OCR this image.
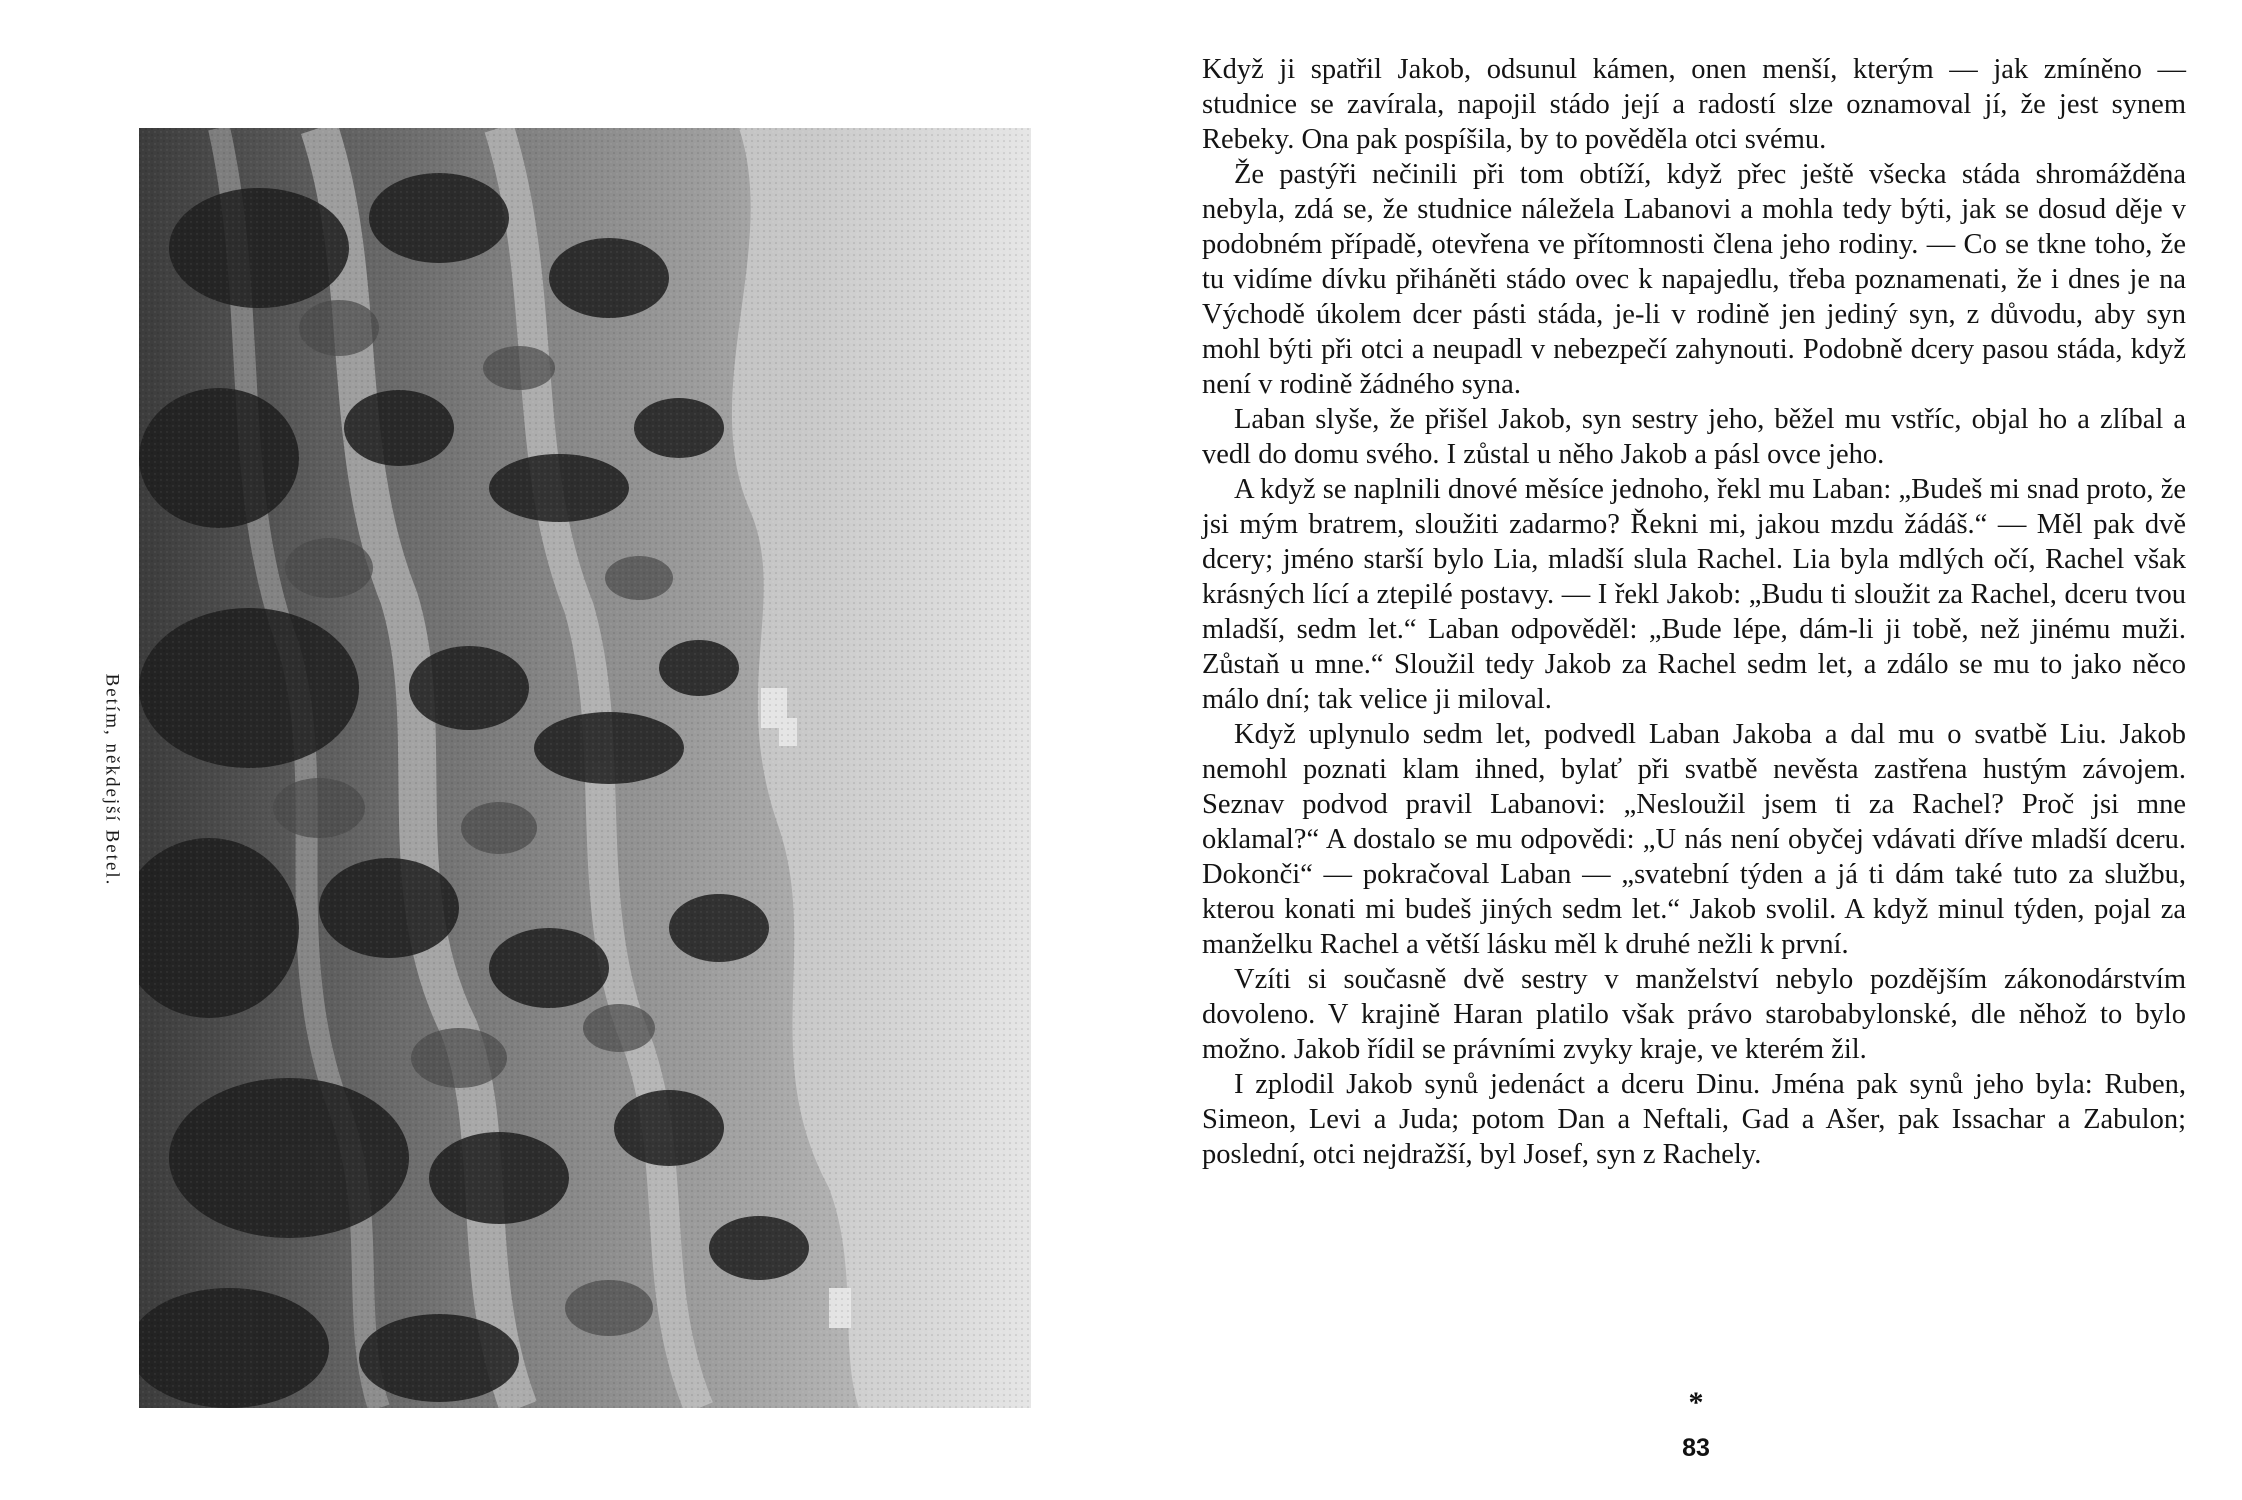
Betím, někdejší Betel.

Když ji spatřil Jakob, odsunul kámen, onen menší, kterým — jak zmíněno — studnice se zavírala, napojil stádo její a radostí slze oznamoval jí, že jest synem Rebeky. Ona pak pospíšila, by to pověděla otci svému.

Že pastýři nečinili při tom obtíží, když přec ještě všecka stáda shromážděna nebyla, zdá se, že studnice náležela Labanovi a mohla tedy býti, jak se dosud děje v podobném případě, otevřena ve přítomnosti člena jeho rodiny. — Co se tkne toho, že tu vidíme dívku přiháněti stádo ovec k napajedlu, třeba poznamenati, že i dnes je na Východě úkolem dcer pásti stáda, je-li v rodině jen jediný syn, z důvodu, aby syn mohl býti při otci a neupadl v nebezpečí zahynouti. Podobně dcery pasou stáda, když není v rodině žádného syna.

Laban slyše, že přišel Jakob, syn sestry jeho, běžel mu vstříc, objal ho a zlíbal a vedl do domu svého. I zůstal u něho Jakob a pásl ovce jeho.

A když se naplnili dnové měsíce jednoho, řekl mu Laban: „Budeš mi snad proto, že jsi mým bratrem, sloužiti zadarmo? Řekni mi, jakou mzdu žádáš.“ — Měl pak dvě dcery; jméno starší bylo Lia, mladší slula Rachel. Lia byla mdlých očí, Rachel však krásných lící a ztepilé postavy. — I řekl Jakob: „Budu ti sloužit za Rachel, dceru tvou mladší, sedm let.“ Laban odpověděl: „Bude lépe, dám-li ji tobě, než jinému muži. Zůstaň u mne.“ Sloužil tedy Jakob za Rachel sedm let, a zdálo se mu to jako něco málo dní; tak velice ji miloval.

Když uplynulo sedm let, podvedl Laban Jakoba a dal mu o svatbě Liu. Jakob nemohl poznati klam ihned, bylať při svatbě nevěsta zastřena hustým závojem. Seznav podvod pravil Labanovi: „Nesloužil jsem ti za Rachel? Proč jsi mne oklamal?“ A dostalo se mu odpovědi: „U nás není obyčej vdávati dříve mladší dceru. Dokonči“ — pokračoval Laban — „svatební týden a já ti dám také tuto za službu, kterou konati mi budeš jiných sedm let.“ Jakob svolil. A když minul týden, pojal za manželku Rachel a větší lásku měl k druhé nežli k první.

Vzíti si současně dvě sestry v manželství nebylo pozdějším zákonodárstvím dovoleno. V krajině Haran platilo však právo starobabylonské, dle něhož to bylo možno. Jakob řídil se právními zvyky kraje, ve kterém žil.

I zplodil Jakob synů jedenáct a dceru Dinu. Jména pak synů jeho byla: Ruben, Simeon, Levi a Juda; potom Dan a Neftali, Gad a Ašer, pak Issachar a Zabulon; poslední, otci nejdražší, byl Josef, syn z Rachely.

*
83
